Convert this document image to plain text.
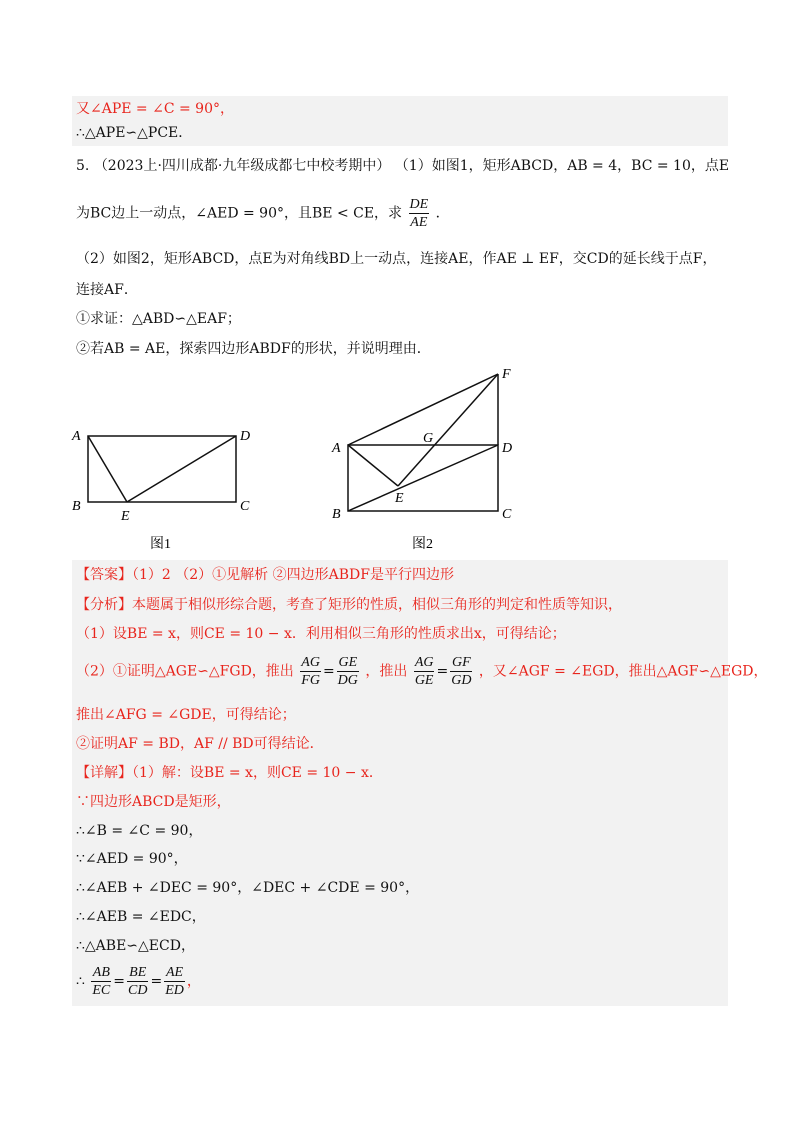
又∠APE = ∠C = 90°，
∴△APE∽△PCE．
5. （2023上·四川成都·九年级成都七中校考期中） （1）如图1，矩形ABCD，AB = 4，BC = 10，点E
为BC边上一动点，∠AED = 90°，且BE < CE，求 $\frac{DE}{AE}$ ．
（2）如图2，矩形ABCD，点E为对角线BD上一动点，连接AE，作AE ⊥ EF，交CD的延长线于点F，
连接AF．
①求证：△ABD∽△EAF；
②若AB = AE，探索四边形ABDF的形状，并说明理由．
A
B
D
C
E
图1
A
B
D
C
F
G
E
图2
【答案】（1）2 （2）①见解析 ②四边形ABDF是平行四边形
【分析】本题属于相似形综合题，考查了矩形的性质，相似三角形的判定和性质等知识，
（1）设BE = x，则CE = 10 − x．利用相似三角形的性质求出x，可得结论；
（2）①证明△AGE∽△FGD，推出 $\frac{AG}{FG} = \frac{GE}{DG}$ ，推出 $\frac{AG}{GE} = \frac{GF}{GD}$ ，又∠AGF = ∠EGD，推出△AGF∽△EGD，
推出∠AFG = ∠GDE，可得结论；
②证明AF = BD，AF // BD可得结论．
【详解】（1）解：设BE = x，则CE = 10 − x．
∵四边形ABCD是矩形，
∴∠B = ∠C = 90，
∵∠AED = 90°，
∴∠AEB + ∠DEC = 90°，∠DEC + ∠CDE = 90°，
∴∠AEB = ∠EDC，
∴△ABE∽△ECD，
∴ $\frac{AB}{EC} = \frac{BE}{CD} = \frac{AE}{ED}$ ，
